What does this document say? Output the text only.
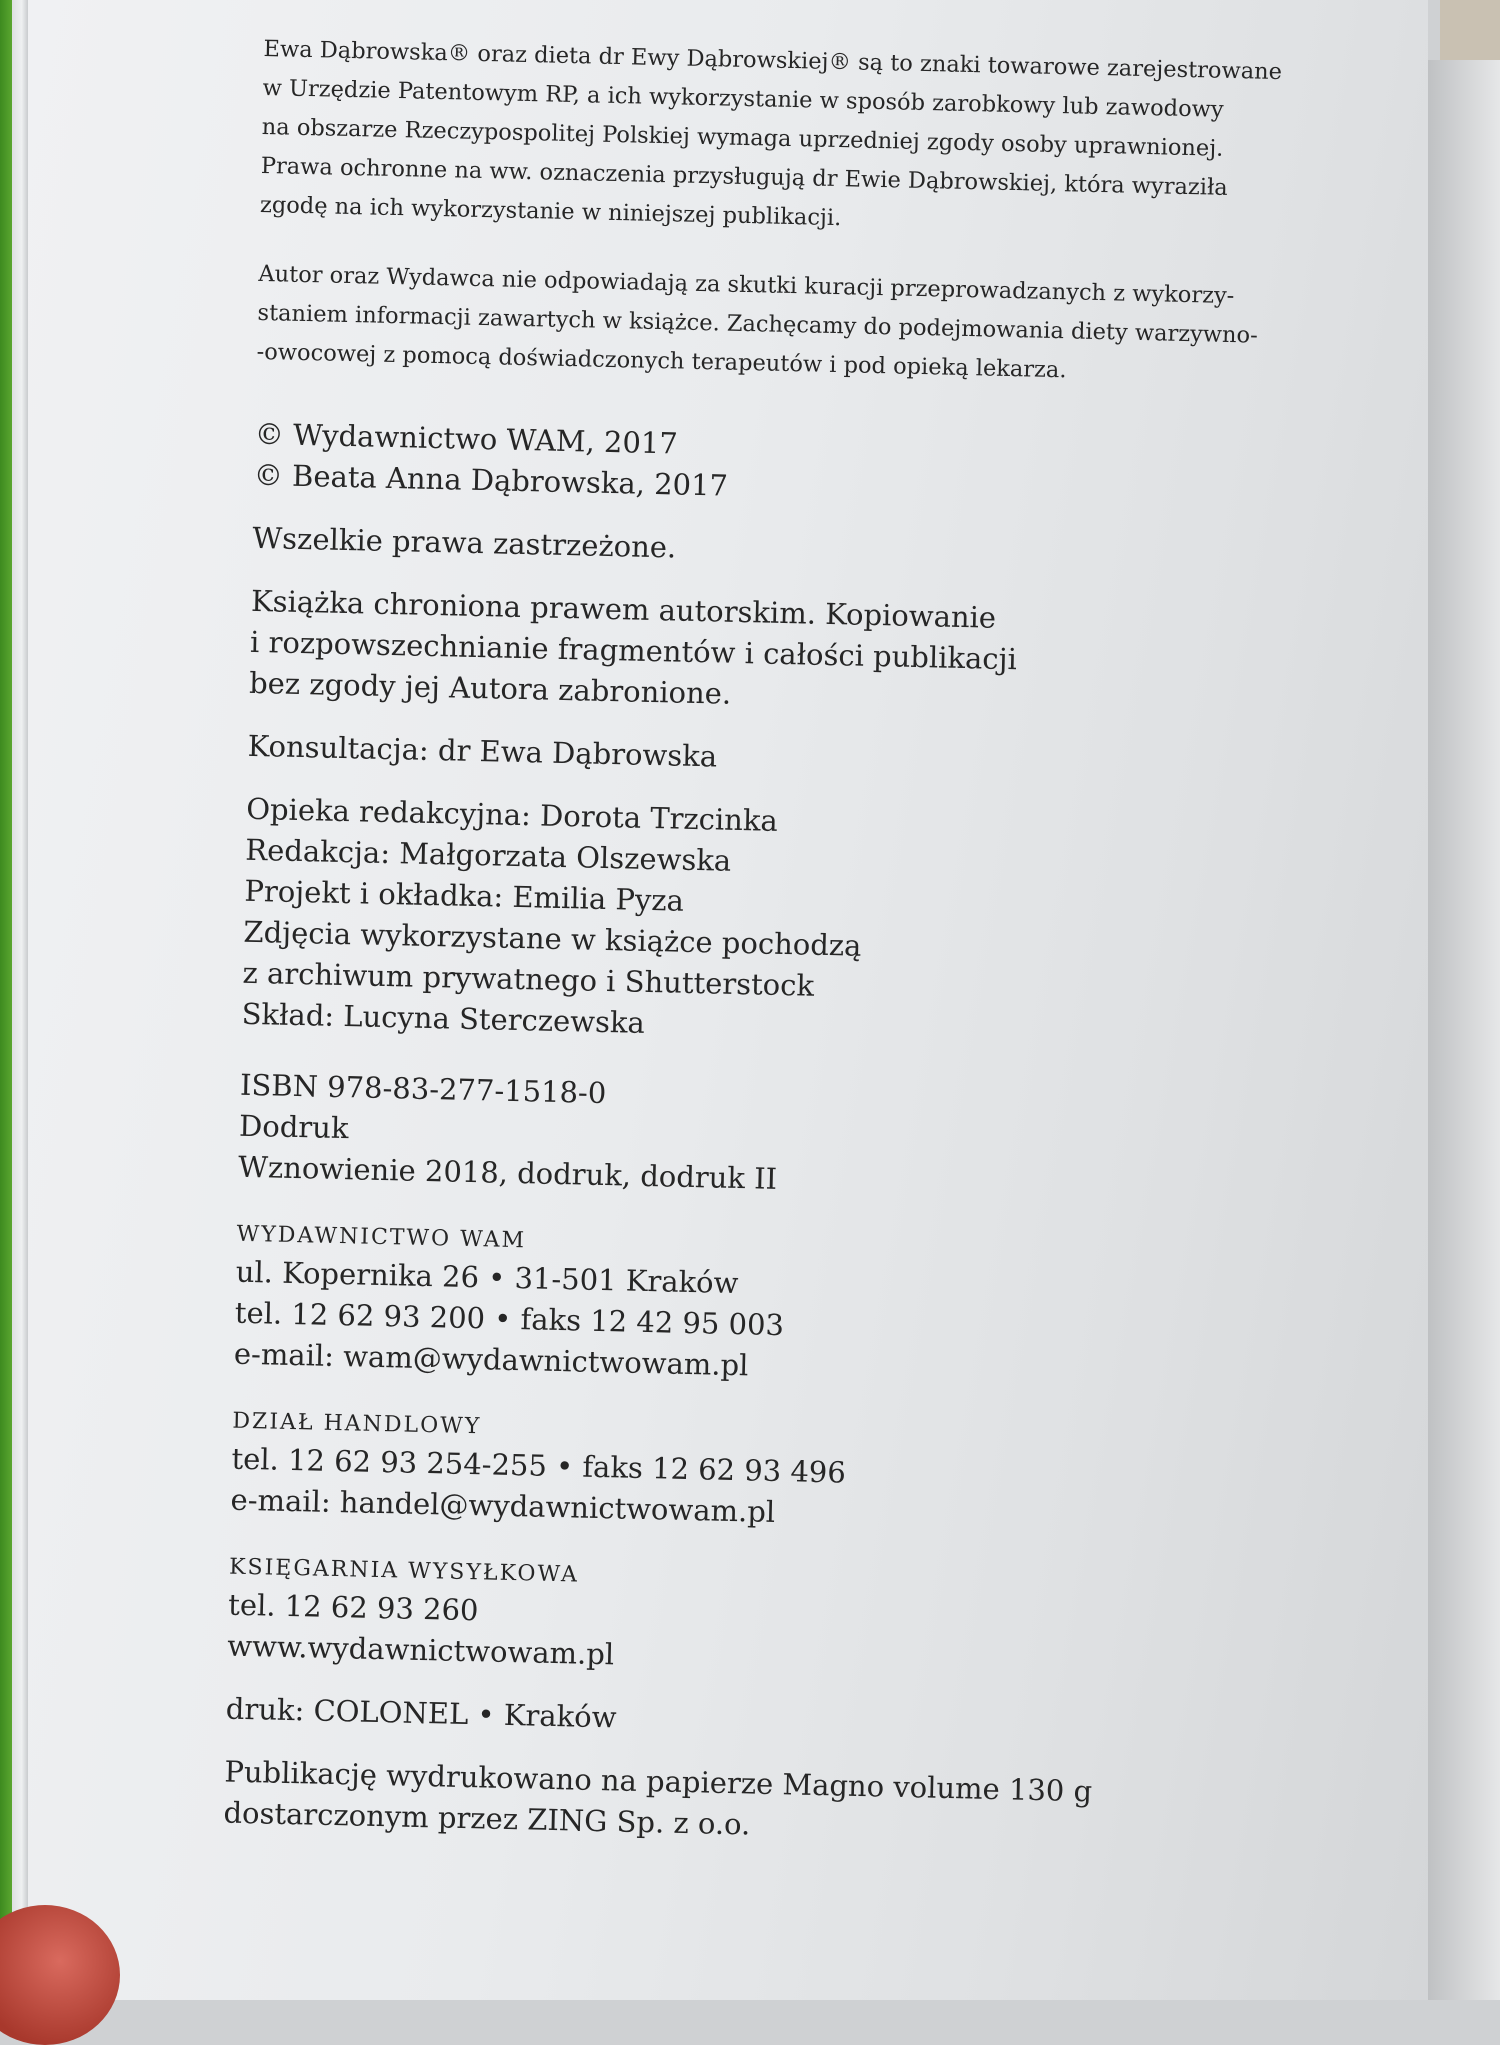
Ewa Dąbrowska® oraz dieta dr Ewy Dąbrowskiej® są to znaki towarowe zarejestrowane

w Urzędzie Patentowym RP, a ich wykorzystanie w sposób zarobkowy lub zawodowy

na obszarze Rzeczypospolitej Polskiej wymaga uprzedniej zgody osoby uprawnionej.

Prawa ochronne na ww. oznaczenia przysługują dr Ewie Dąbrowskiej, która wyraziła

zgodę na ich wykorzystanie w niniejszej publikacji.

Autor oraz Wydawca nie odpowiadają za skutki kuracji przeprowadzanych z wykorzy-

staniem informacji zawartych w książce. Zachęcamy do podejmowania diety warzywno-

-owocowej z pomocą doświadczonych terapeutów i pod opieką lekarza.

© Wydawnictwo WAM, 2017

© Beata Anna Dąbrowska, 2017

Wszelkie prawa zastrzeżone.

Książka chroniona prawem autorskim. Kopiowanie

i rozpowszechnianie fragmentów i całości publikacji

bez zgody jej Autora zabronione.

Konsultacja: dr Ewa Dąbrowska

Opieka redakcyjna: Dorota Trzcinka

Redakcja: Małgorzata Olszewska

Projekt i okładka: Emilia Pyza

Zdjęcia wykorzystane w książce pochodzą

z archiwum prywatnego i Shutterstock

Skład: Lucyna Sterczewska

ISBN 978-83-277-1518-0

Dodruk

Wznowienie 2018, dodruk, dodruk II

WYDAWNICTWO WAM

ul. Kopernika 26 • 31-501 Kraków

tel. 12 62 93 200 • faks 12 42 95 003

e-mail: wam@wydawnictwowam.pl

DZIAŁ HANDLOWY

tel. 12 62 93 254-255 • faks 12 62 93 496

e-mail: handel@wydawnictwowam.pl

KSIĘGARNIA WYSYŁKOWA

tel. 12 62 93 260

www.wydawnictwowam.pl

druk: COLONEL • Kraków

Publikację wydrukowano na papierze Magno volume 130 g

dostarczonym przez ZING Sp. z o.o.
